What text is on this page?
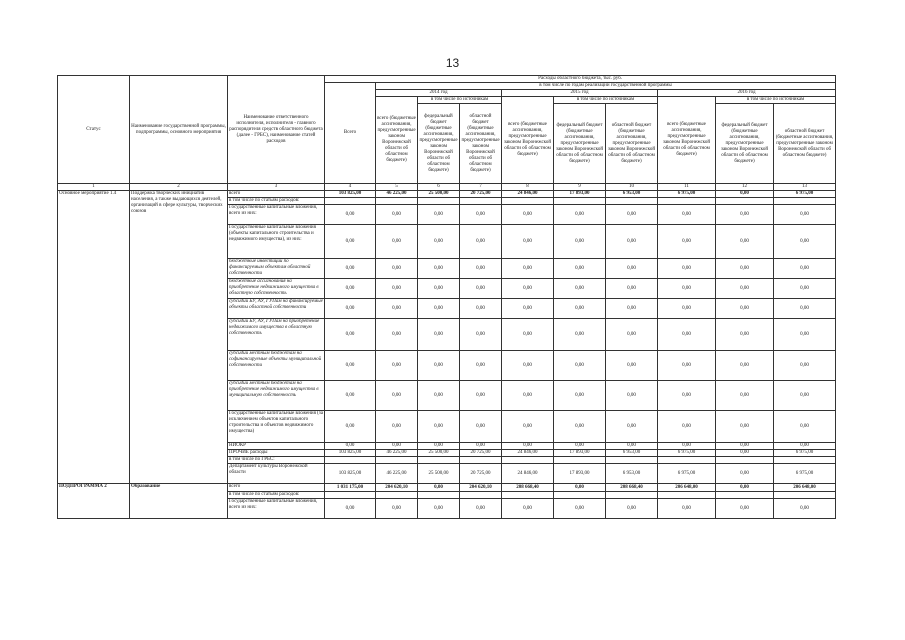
13
Статус	Наименование государственной программы, подпрограммы, основного мероприятия	Наименование ответственного исполнителя, исполнителя - главного распорядителя средств областного бюджета (далее - ГРБС), наименование статей расходов	Расходы областного бюджета, тыс. руб.									
			Всего	в том числе по годам реализации государственной программы								
				2014 год			2015 год			2016 год		
				всего (бюджетные ассигнования, предусмотренные законом Воронежской области об областном бюджете)	в том числе по источникам		всего (бюджетные ассигнования, предусмотренные законом Воронежской области об областном бюджете)	в том числе по источникам		всего (бюджетные ассигнования, предусмотренные законом Воронежской области об областном бюджете)	в том числе по источникам	
					федеральный бюджет (бюджетные ассигнования, предусмотренные законом Воронежской области об областном бюджете)	областной бюджет (бюджетные ассигнования, предусмотренные законом Воронежской области об областном бюджете)		федеральный бюджет (бюджетные ассигнования, предусмотренные законом Воронежской области об областном бюджете)	областной бюджет (бюджетные ассигнования, предусмотренные законом Воронежской области об областном бюджете)		федеральный бюджет (бюджетные ассигнования, предусмотренные законом Воронежской области об областном бюджете)	областной бюджет (бюджетные ассигнования, предусмотренные законом Воронежской области об областном бюджете)
1	2	3	4	5	6	7	8	9	10	11	12	13
Основное мероприятие 1.4	Поддержка творческих инициатив населения, а также выдающихся деятелей, организаций в сфере культуры, творческих союзов	всего	103 825,00	46 225,00	25 500,00	20 725,00	24 846,00	17 893,00	6 953,00	6 975,00	0,00	6 975,00
		в том числе по статьям расходов:										
		Государственные капитальные вложения, всего из них:	0,00	0,00	0,00	0,00	0,00	0,00	0,00	0,00	0,00	0,00
		Государственные капитальные вложения (объекты капитального строительства и недвижимого имущества), из них:	0,00	0,00	0,00	0,00	0,00	0,00	0,00	0,00	0,00	0,00
		бюджетные инвестиции по финансируемым объектам областной собственности	0,00	0,00	0,00	0,00	0,00	0,00	0,00	0,00	0,00	0,00
		бюджетные ассигнования на приобретение недвижимого имущества в областную собственность	0,00	0,00	0,00	0,00	0,00	0,00	0,00	0,00	0,00	0,00
		субсидии БУ, АУ, ГУПам на финансируемые объекты областной собственности	0,00	0,00	0,00	0,00	0,00	0,00	0,00	0,00	0,00	0,00
		субсидии БУ, АУ, ГУПам на приобретение недвижимого имущества в областную собственность	0,00	0,00	0,00	0,00	0,00	0,00	0,00	0,00	0,00	0,00
		субсидии местным бюджетам на софинансируемые объекты муниципальной собственности	0,00	0,00	0,00	0,00	0,00	0,00	0,00	0,00	0,00	0,00
		субсидии местным бюджетам на приобретение недвижимого имущества в муниципальную собственность	0,00	0,00	0,00	0,00	0,00	0,00	0,00	0,00	0,00	0,00
		Государственные капитальные вложения (за исключением объектов капитального строительства и объектов недвижимого имущества)	0,00	0,00	0,00	0,00	0,00	0,00	0,00	0,00	0,00	0,00
		НИОКР	0,00	0,00	0,00	0,00	0,00	0,00	0,00	0,00	0,00	0,00
		ПРОЧИЕ расходы	103 825,00	46 225,00	25 500,00	20 725,00	24 846,00	17 893,00	6 953,00	6 975,00	0,00	6 975,00
		в том числе по ГРБС:										
		Департамент культуры Воронежской области	103 825,00	46 225,00	25 500,00	20 725,00	24 846,00	17 893,00	6 953,00	6 975,00	0,00	6 975,00
ПОДПРОГРАММА 2	Образование	всего	1 031 175,00	204 620,10	0,00	204 620,10	208 668,40	0,00	208 668,40	206 648,00	0,00	206 648,00
		в том числе по статьям расходов:										
		Государственные капитальные вложения, всего из них:	0,00	0,00	0,00	0,00	0,00	0,00	0,00	0,00	0,00	0,00
